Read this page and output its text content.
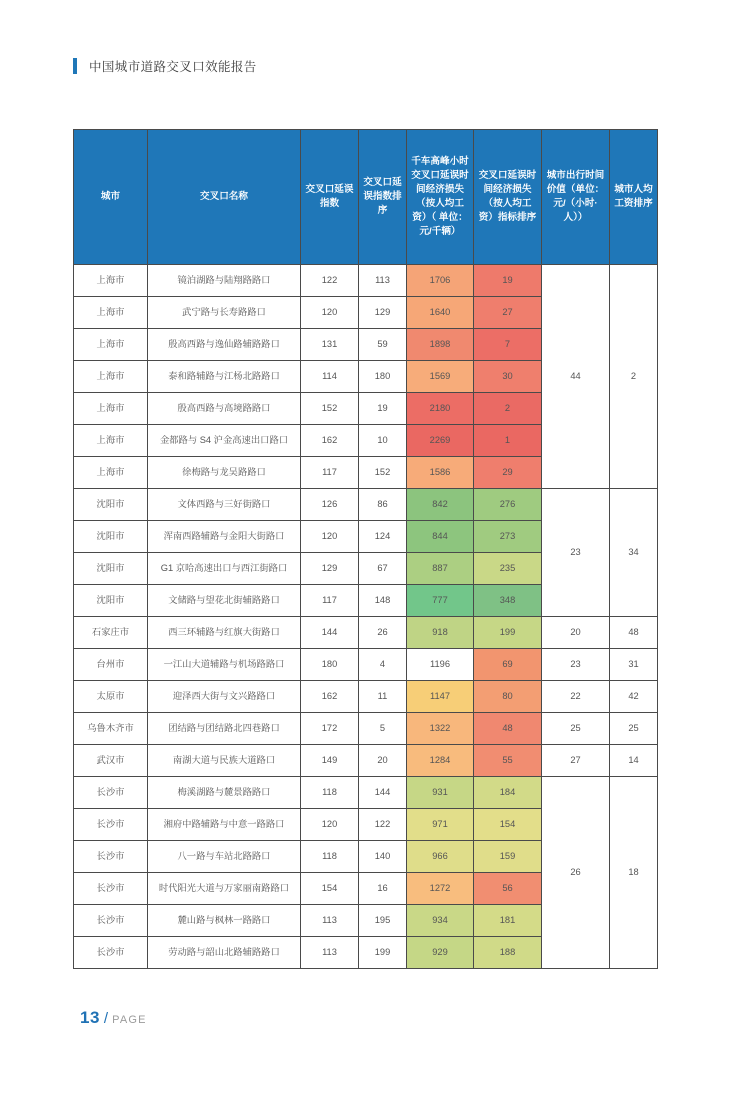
中国城市道路交叉口效能报告
城市	交叉口名称	交叉口延误指数	交叉口延误指数排序	千车高峰小时交叉口延误时间经济损失（按人均工资）（ 单位：元/千辆）	交叉口延误时间经济损失（按人均工资）指标排序	城市出行时间价值（单位：元/（小时·人））	城市人均工资排序
上海市	镜泊湖路与陆翔路路口	122	113	1706	19	44	2
上海市	武宁路与长寿路路口	120	129	1640	27		
上海市	殷高西路与逸仙路辅路路口	131	59	1898	7		
上海市	泰和路辅路与江杨北路路口	114	180	1569	30		
上海市	殷高西路与高境路路口	152	19	2180	2		
上海市	金都路与 S4 沪金高速出口路口	162	10	2269	1		
上海市	徐梅路与龙吴路路口	117	152	1586	29		
沈阳市	文体西路与三好街路口	126	86	842	276	23	34
沈阳市	浑南西路辅路与金阳大街路口	120	124	844	273		
沈阳市	G1 京哈高速出口与西江街路口	129	67	887	235		
沈阳市	文储路与望花北街辅路路口	117	148	777	348		
石家庄市	西三环辅路与红旗大街路口	144	26	918	199	20	48
台州市	一江山大道辅路与机场路路口	180	4	1196	69	23	31
太原市	迎泽西大街与文兴路路口	162	11	1147	80	22	42
乌鲁木齐市	团结路与团结路北四巷路口	172	5	1322	48	25	25
武汉市	南湖大道与民族大道路口	149	20	1284	55	27	14
长沙市	梅溪湖路与麓景路路口	118	144	931	184	26	18
长沙市	湘府中路辅路与中意一路路口	120	122	971	154		
长沙市	八一路与车站北路路口	118	140	966	159		
长沙市	时代阳光大道与万家丽南路路口	154	16	1272	56		
长沙市	麓山路与枫林一路路口	113	195	934	181		
长沙市	劳动路与韶山北路辅路路口	113	199	929	188		
13 / PAGE
